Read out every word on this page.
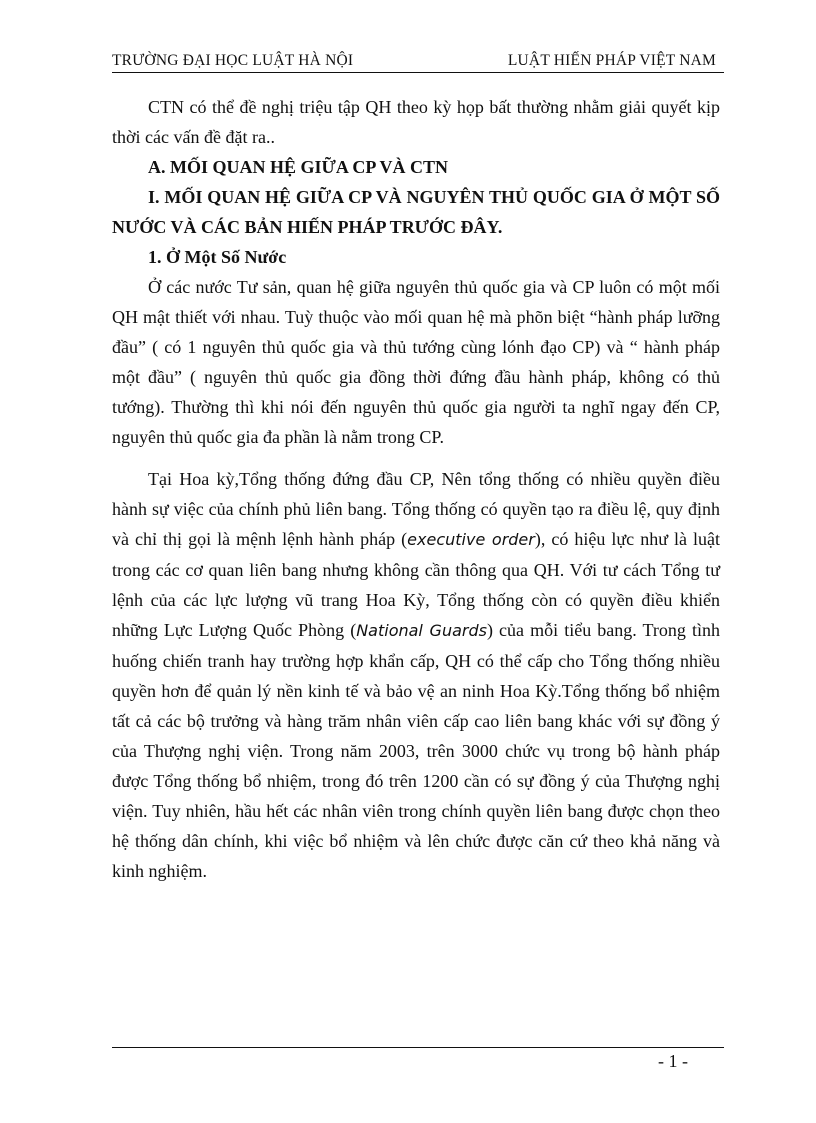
TRƯỜNG ĐẠI HỌC LUẬT HÀ NỘI	LUẬT HIẾN PHÁP VIỆT NAM

CTN có thể đề nghị triệu tập QH theo kỳ họp bất thường nhằm giải quyết kịp thời các vấn đề đặt ra..

A. MỐI QUAN HỆ GIỮA CP VÀ CTN

I. MỐI QUAN HỆ GIỮA CP VÀ NGUYÊN THỦ QUỐC GIA Ở MỘT SỐ NƯỚC VÀ CÁC BẢN HIẾN PHÁP TRƯỚC ĐÂY.

1. Ở Một Số Nước

Ở các nước Tư sản, quan hệ giữa nguyên thủ quốc gia và CP luôn có một mối QH mật thiết với nhau. Tuỳ thuộc vào mối quan hệ mà phõn biệt “hành pháp lưỡng đầu” ( có 1 nguyên thủ quốc gia và thủ tướng cùng lónh đạo CP) và “ hành pháp một đầu” ( nguyên thủ quốc gia đồng thời đứng đầu hành pháp, không có thủ tướng). Thường thì khi nói đến nguyên thủ quốc gia người ta nghĩ ngay đến CP, nguyên thủ quốc gia đa phần là nằm trong CP.

Tại Hoa kỳ,Tổng thống đứng đầu CP, Nên tổng thống có nhiều quyền điều hành sự việc của chính phủ liên bang. Tổng thống có quyền tạo ra điều lệ, quy định và chỉ thị gọi là mệnh lệnh hành pháp (executive order), có hiệu lực như là luật trong các cơ quan liên bang nhưng không cần thông qua QH. Với tư cách Tổng tư lệnh của các lực lượng vũ trang Hoa Kỳ, Tổng thống còn có quyền điều khiển những Lực Lượng Quốc Phòng (National Guards) của mỗi tiểu bang. Trong tình huống chiến tranh hay trường hợp khẩn cấp, QH có thể cấp cho Tổng thống nhiều quyền hơn để quản lý nền kinh tế và bảo vệ an ninh Hoa Kỳ.Tổng thống bổ nhiệm tất cả các bộ trưởng và hàng trăm nhân viên cấp cao liên bang khác với sự đồng ý của Thượng nghị viện. Trong năm 2003, trên 3000 chức vụ trong bộ hành pháp được Tổng thống bổ nhiệm, trong đó trên 1200 cần có sự đồng ý của Thượng nghị viện. Tuy nhiên, hầu hết các nhân viên trong chính quyền liên bang được chọn theo hệ thống dân chính, khi việc bổ nhiệm và lên chức được căn cứ theo khả năng và kinh nghiệm.

- 1 -
